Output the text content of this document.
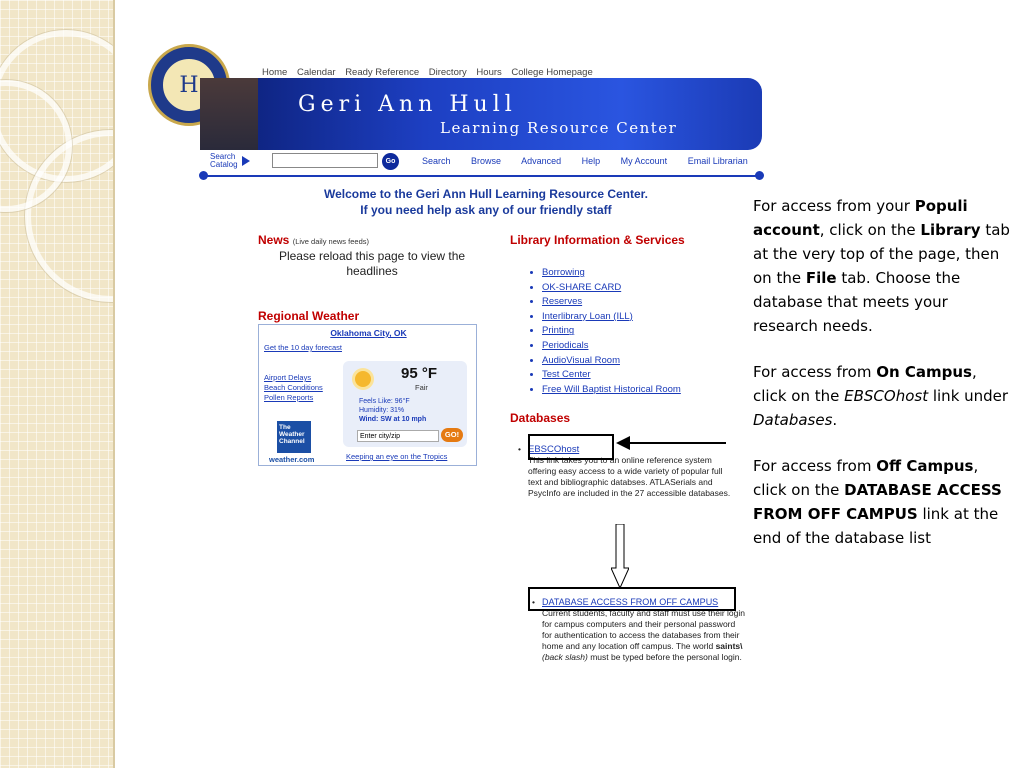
H	Home Calendar Ready Reference Directory Hours College Homepage
Geri Ann Hull
Learning Resource Center
Search
Catalog	Go	Search Browse Advanced Help My Account Email Librarian
Welcome to the Geri Ann Hull Learning Resource Center.
If you need help ask any of our friendly staff
News (Live daily news feeds)
Please reload this page to view the headlines
Regional Weather
Oklahoma City, OK
Get the 10 day forecast
Airport Delays
Beach Conditions
Pollen Reports
95 °F
Fair
Feels Like: 96°F
Humidity: 31%
Wind: SW at 10 mph
Enter city/zip	GO!
The
Weather
Channel
weather.com	Keeping an eye on the Tropics
Library Information & Services
• Borrowing
• OK-SHARE CARD
• Reserves
• Interlibrary Loan (ILL)
• Printing
• Periodicals
• AudioVisual Room
• Test Center
• Free Will Baptist Historical Room
Databases
• EBSCOhost
This link takes you to an online reference system offering easy access to a wide variety of popular full text and bibliographic databses. ATLASerials and PsycInfo are included in the 27 accessible databases.
• DATABASE ACCESS FROM OFF CAMPUS
Current students, faculty and staff must use their login for campus computers and their personal password for authentication to access the databases from their home and any location off campus. The world saints\ (back slash) must be typed before the personal login.

For access from your Populi account, click on the Library tab at the very top of the page, then on the File tab. Choose the database that meets your research needs.

For access from On Campus, click on the EBSCOhost link under Databases.

For access from Off Campus, click on the DATABASE ACCESS FROM OFF CAMPUS link at the end of the database list
